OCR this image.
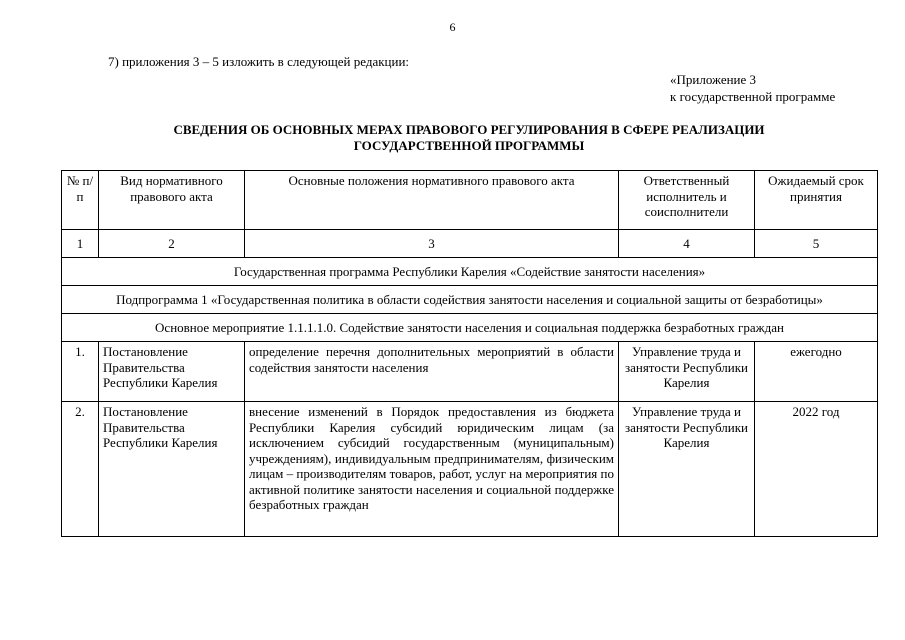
6
7) приложения 3 – 5 изложить в следующей редакции:
«Приложение 3
к государственной программе
СВЕДЕНИЯ ОБ ОСНОВНЫХ МЕРАХ ПРАВОВОГО РЕГУЛИРОВАНИЯ В СФЕРЕ РЕАЛИЗАЦИИ
ГОСУДАРСТВЕННОЙ ПРОГРАММЫ
№ п/п	Вид нормативного правового акта	Основные положения нормативного правового акта	Ответственный исполнитель и соисполнители	Ожидаемый срок принятия
1	2	3	4	5
Государственная программа Республики Карелия «Содействие занятости населения»				
Подпрограмма 1 «Государственная политика в области содействия занятости населения и социальной защиты от безработицы»				
Основное мероприятие 1.1.1.1.0. Содействие занятости населения и социальная поддержка безработных граждан				
1.	Постановление Правительства Республики Карелия	определение перечня дополнительных мероприятий в области содействия занятости населения	Управление труда и занятости Республики Карелия	ежегодно
2.	Постановление Правительства Республики Карелия	внесение изменений в Порядок предоставления из бюджета Республики Карелия субсидий юридическим лицам (за исключением субсидий государственным (муниципальным) учреждениям), индивидуальным предпринимателям, физическим лицам – производителям товаров, работ, услуг на мероприятия по активной политике занятости населения и социальной поддержке безработных граждан	Управление труда и занятости Республики Карелия	2022 год
